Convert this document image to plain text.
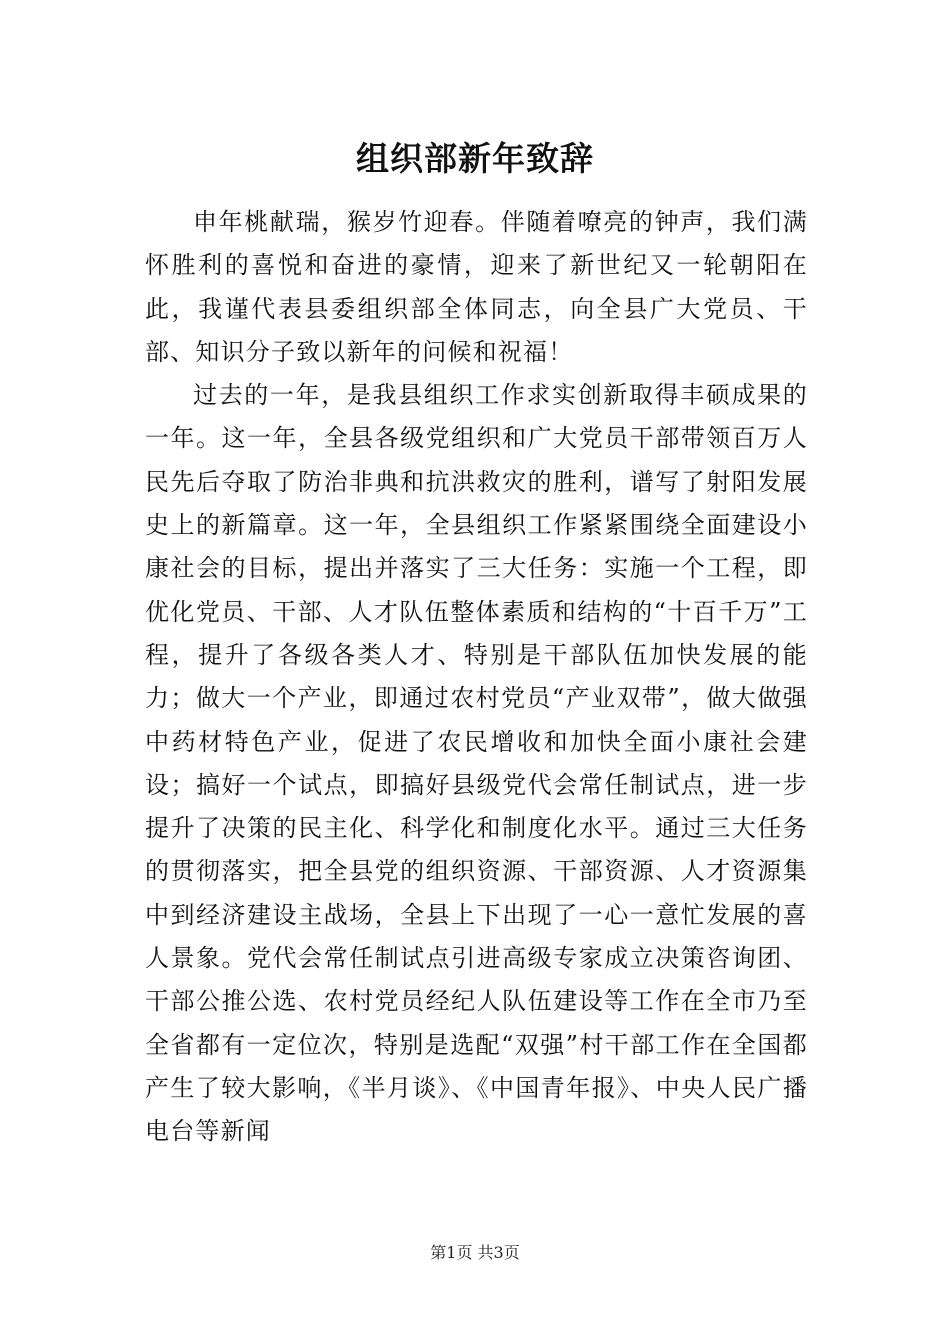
组织部新年致辞

申年桃献瑞，猴岁竹迎春。伴随着嘹亮的钟声，我们满怀胜利的喜悦和奋进的豪情，迎来了新世纪又一轮朝阳在此，我谨代表县委组织部全体同志，向全县广大党员、干部、知识分子致以新年的问候和祝福！

过去的一年，是我县组织工作求实创新取得丰硕成果的一年。这一年，全县各级党组织和广大党员干部带领百万人民先后夺取了防治非典和抗洪救灾的胜利，谱写了射阳发展史上的新篇章。这一年，全县组织工作紧紧围绕全面建设小康社会的目标，提出并落实了三大任务：实施一个工程，即优化党员、干部、人才队伍整体素质和结构的“十百千万”工程，提升了各级各类人才、特别是干部队伍加快发展的能力；做大一个产业，即通过农村党员“产业双带”，做大做强中药材特色产业，促进了农民增收和加快全面小康社会建设；搞好一个试点，即搞好县级党代会常任制试点，进一步提升了决策的民主化、科学化和制度化水平。通过三大任务的贯彻落实，把全县党的组织资源、干部资源、人才资源集中到经济建设主战场，全县上下出现了一心一意忙发展的喜人景象。党代会常任制试点引进高级专家成立决策咨询团、干部公推公选、农村党员经纪人队伍建设等工作在全市乃至全省都有一定位次，特别是选配“双强”村干部工作在全国都产生了较大影响，《半月谈》、《中国青年报》、中央人民广播电台等新闻

第1页 共3页
